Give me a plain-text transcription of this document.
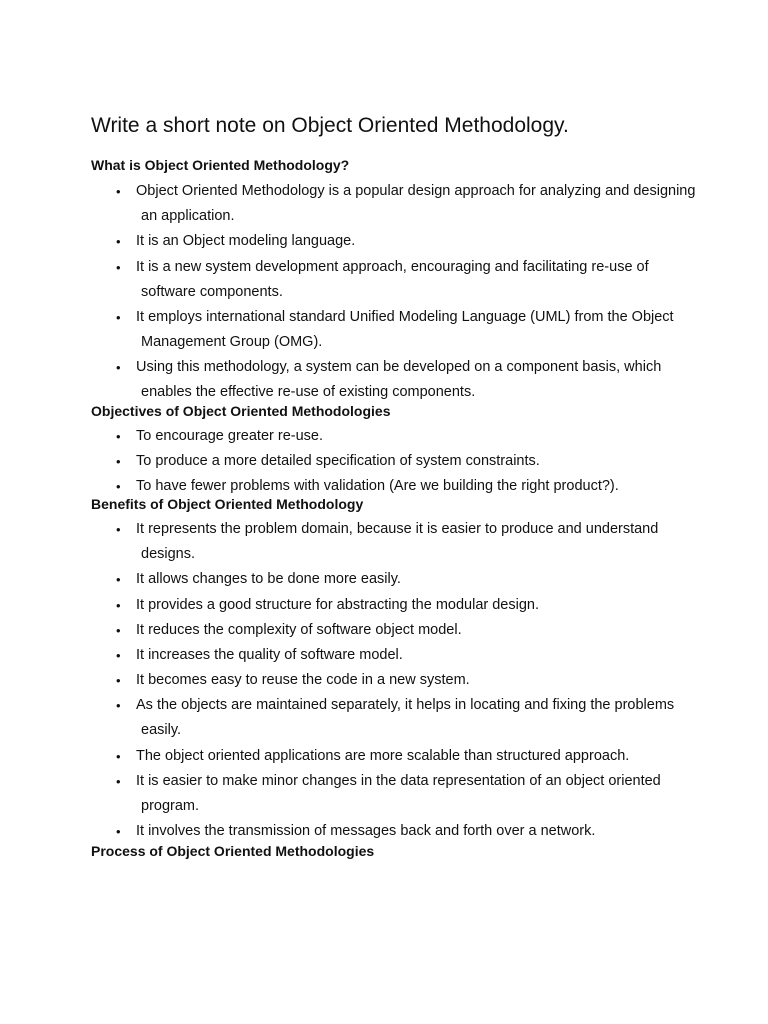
Write a short note on Object Oriented Methodology.
What is Object Oriented Methodology?
•	Object Oriented Methodology is a popular design approach for analyzing and designing an application.
•	It is an Object modeling language.
•	It is a new system development approach, encouraging and facilitating re-use of software components.
•	It employs international standard Unified Modeling Language (UML) from the Object Management Group (OMG).
•	Using this methodology, a system can be developed on a component basis, which enables the effective re-use of existing components.
Objectives of Object Oriented Methodologies
•	To encourage greater re-use.
•	To produce a more detailed specification of system constraints.
•	To have fewer problems with validation (Are we building the right product?).
Benefits of Object Oriented Methodology
•	It represents the problem domain, because it is easier to produce and understand designs.
•	It allows changes to be done more easily.
•	It provides a good structure for abstracting the modular design.
•	It reduces the complexity of software object model.
•	It increases the quality of software model.
•	It becomes easy to reuse the code in a new system.
•	As the objects are maintained separately, it helps in locating and fixing the problems easily.
•	The object oriented applications are more scalable than structured approach.
•	It is easier to make minor changes in the data representation of an object oriented program.
•	It involves the transmission of messages back and forth over a network.
Process of Object Oriented Methodologies
